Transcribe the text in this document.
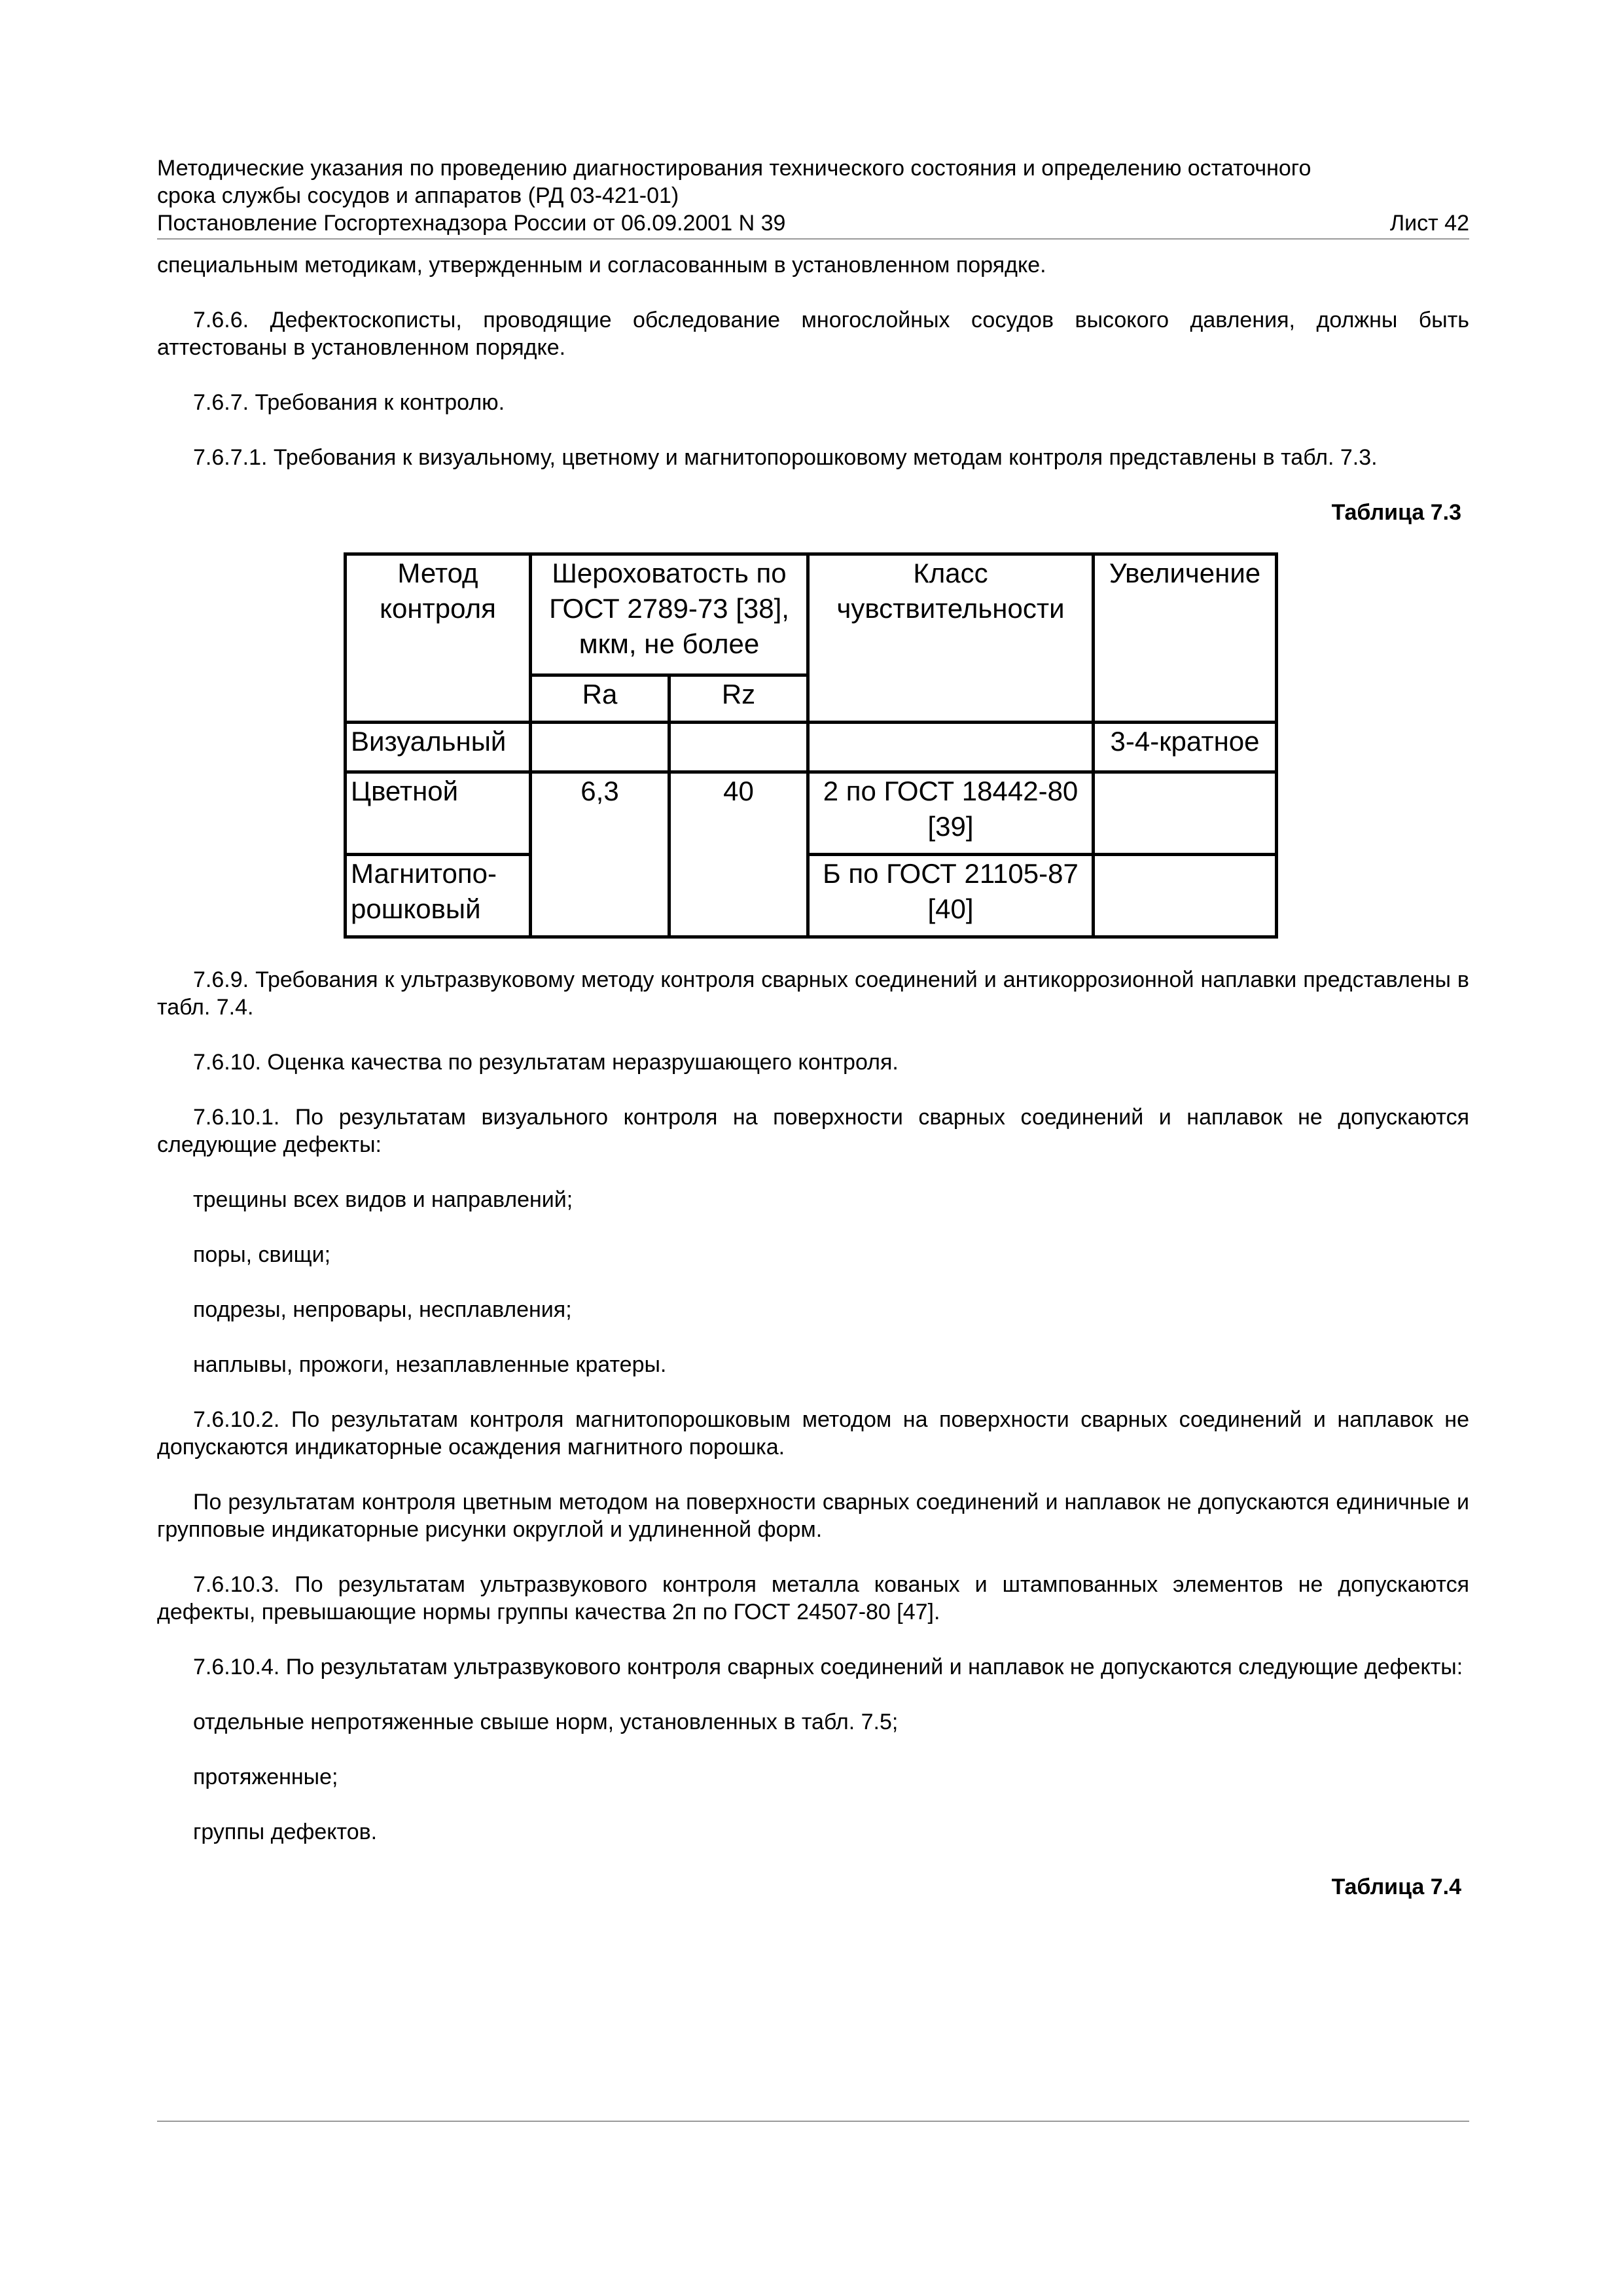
Методические указания по проведению диагностирования технического состояния и определению остаточного
срока службы сосудов и аппаратов (РД 03-421-01)
Постановление Госгортехнадзора России от 06.09.2001 N 39	Лист 42

специальным методикам, утвержденным и согласованным в установленном порядке.

7.6.6. Дефектоскописты, проводящие обследование многослойных сосудов высокого давления, должны быть аттестованы в установленном порядке.

7.6.7. Требования к контролю.

7.6.7.1. Требования к визуальному, цветному и магнитопорошковому методам контроля представлены в табл. 7.3.

Таблица 7.3
Метод контроля	Шероховатость по ГОСТ 2789-73 [38], мкм, не более		Класс чувствительности	Увеличение
	Ra	Rz		
Визуальный				3-4-кратное
Цветной	6,3	40	2 по ГОСТ 18442-80 [39]	
Магнитопо-рошковый			Б по ГОСТ 21105-87 [40]	

7.6.9. Требования к ультразвуковому методу контроля сварных соединений и антикоррозионной наплавки представлены в табл. 7.4.

7.6.10. Оценка качества по результатам неразрушающего контроля.

7.6.10.1. По результатам визуального контроля на поверхности сварных соединений и наплавок не допускаются следующие дефекты:

трещины всех видов и направлений;

поры, свищи;

подрезы, непровары, несплавления;

наплывы, прожоги, незаплавленные кратеры.

7.6.10.2. По результатам контроля магнитопорошковым методом на поверхности сварных соединений и наплавок не допускаются индикаторные осаждения магнитного порошка.

По результатам контроля цветным методом на поверхности сварных соединений и наплавок не допускаются единичные и групповые индикаторные рисунки округлой и удлиненной форм.

7.6.10.3. По результатам ультразвукового контроля металла кованых и штампованных элементов не допускаются дефекты, превышающие нормы группы качества 2п по ГОСТ 24507-80 [47].

7.6.10.4. По результатам ультразвукового контроля сварных соединений и наплавок не допускаются следующие дефекты:

отдельные непротяженные свыше норм, установленных в табл. 7.5;

протяженные;

группы дефектов.

Таблица 7.4
